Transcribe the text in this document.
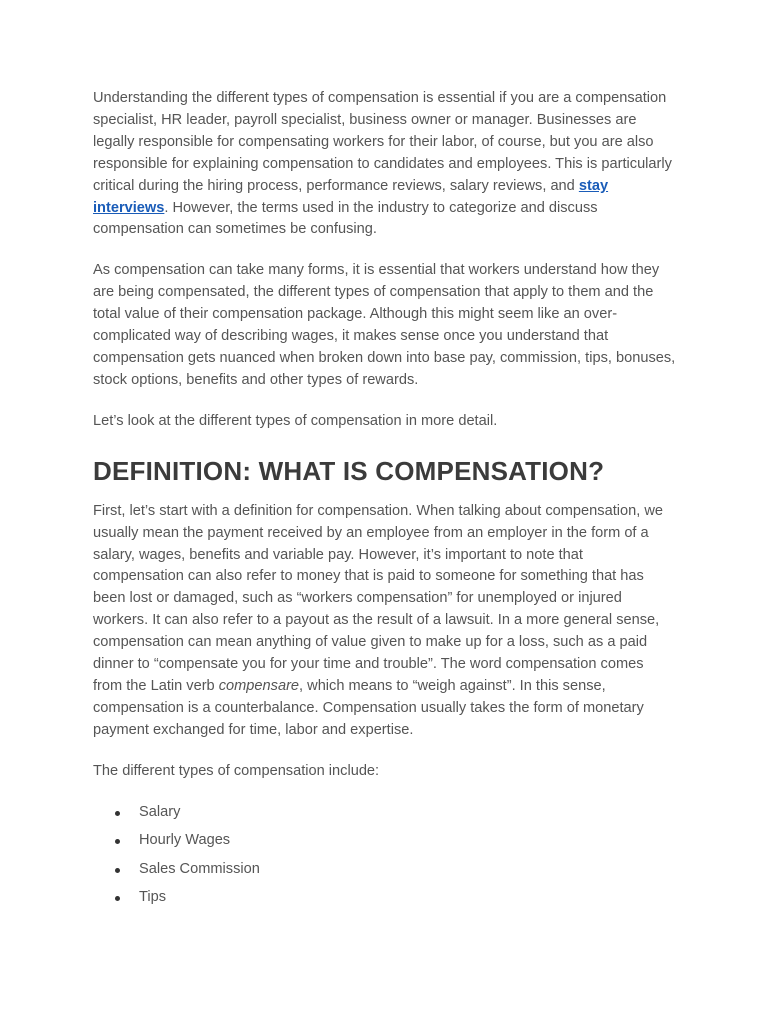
Understanding the different types of compensation is essential if you are a compensation specialist, HR leader, payroll specialist, business owner or manager. Businesses are legally responsible for compensating workers for their labor, of course, but you are also responsible for explaining compensation to candidates and employees. This is particularly critical during the hiring process, performance reviews, salary reviews, and stay interviews. However, the terms used in the industry to categorize and discuss compensation can sometimes be confusing.

As compensation can take many forms, it is essential that workers understand how they are being compensated, the different types of compensation that apply to them and the total value of their compensation package. Although this might seem like an over-complicated way of describing wages, it makes sense once you understand that compensation gets nuanced when broken down into base pay, commission, tips, bonuses, stock options, benefits and other types of rewards.

Let’s look at the different types of compensation in more detail.

DEFINITION: WHAT IS COMPENSATION?

First, let’s start with a definition for compensation. When talking about compensation, we usually mean the payment received by an employee from an employer in the form of a salary, wages, benefits and variable pay. However, it’s important to note that compensation can also refer to money that is paid to someone for something that has been lost or damaged, such as “workers compensation” for unemployed or injured workers. It can also refer to a payout as the result of a lawsuit. In a more general sense, compensation can mean anything of value given to make up for a loss, such as a paid dinner to “compensate you for your time and trouble”. The word compensation comes from the Latin verb compensare, which means to “weigh against”. In this sense, compensation is a counterbalance. Compensation usually takes the form of monetary payment exchanged for time, labor and expertise.

The different types of compensation include:

Salary
Hourly Wages
Sales Commission
Tips
